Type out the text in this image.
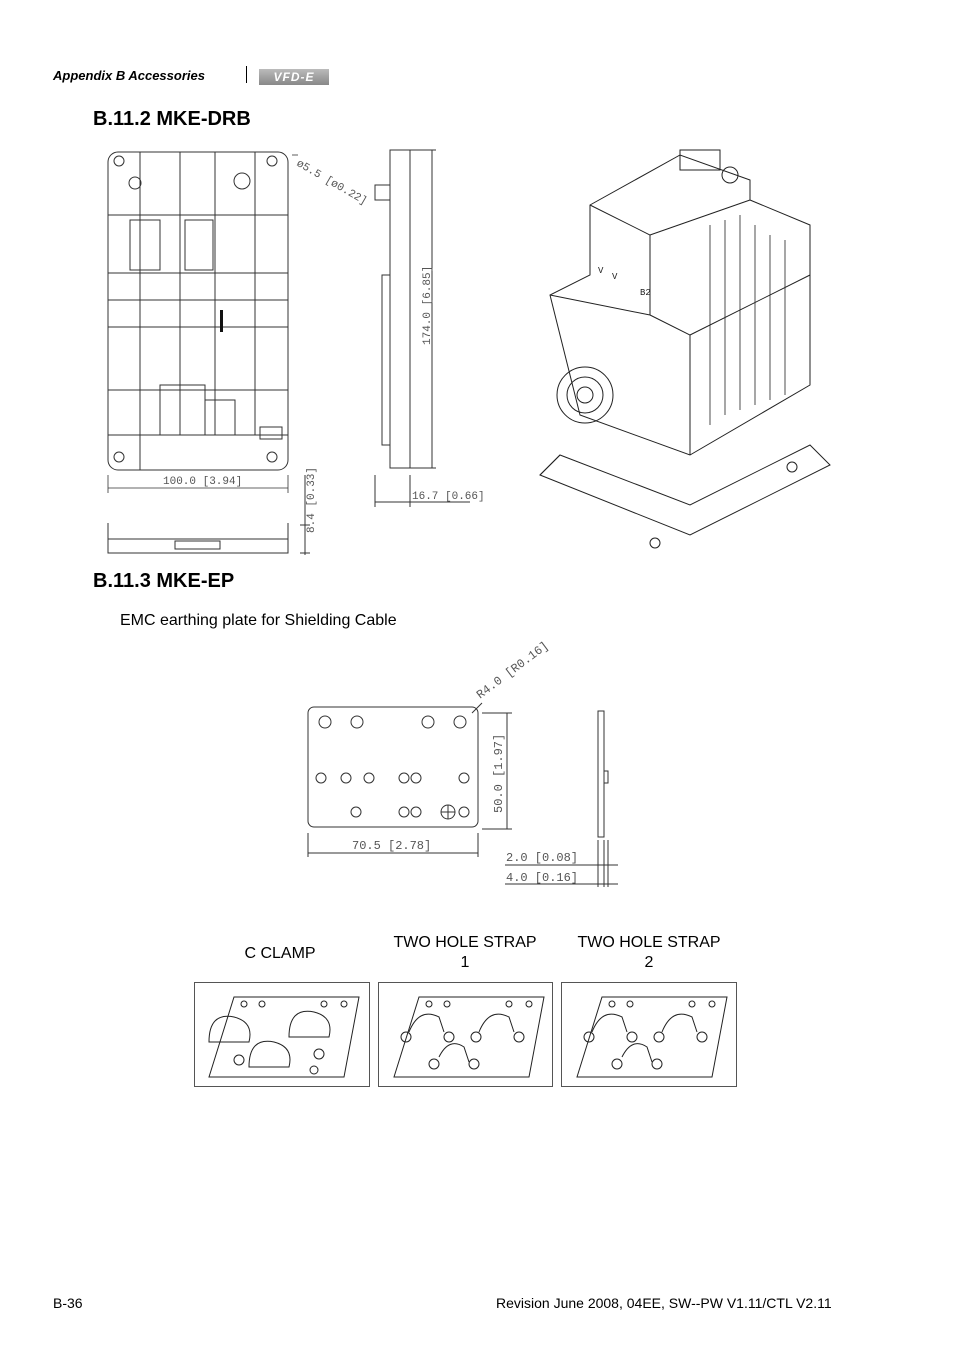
Appendix B Accessories	VFD-E
B.11.2 MKE-DRB
100.0 [3.94]
ø5.5 [ø0.22]
8.4 [0.33]
174.0 [6.85]
16.7 [0.66]
V
V
B2
B.11.3 MKE-EP
EMC earthing plate for Shielding Cable
R4.0 [R0.16]
50.0 [1.97]
70.5 [2.78]
2.0 [0.08]
4.0 [0.16]
C CLAMP
TWO HOLE STRAP
1
TWO HOLE STRAP
2
B-36	Revision June 2008, 04EE, SW--PW V1.11/CTL V2.11
